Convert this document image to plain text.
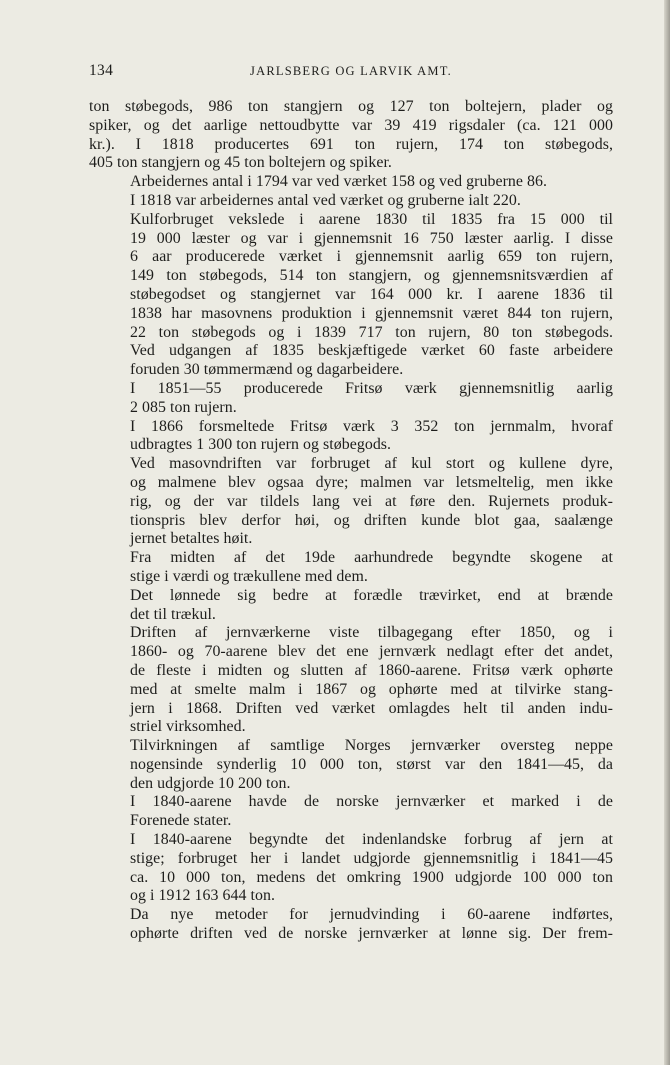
134	JARLSBERG OG LARVIK AMT.

ton støbegods, 986 ton stangjern og 127 ton boltejern, plader og
spiker, og det aarlige nettoudbytte var 39 419 rigsdaler (ca. 121 000
kr.). I 1818 producertes 691 ton rujern, 174 ton støbegods,
405 ton stangjern og 45 ton boltejern og spiker.

Arbeidernes antal i 1794 var ved værket 158 og ved gruberne 86.

I 1818 var arbeidernes antal ved værket og gruberne ialt 220.

Kulforbruget vekslede i aarene 1830 til 1835 fra 15 000 til
19 000 læster og var i gjennemsnit 16 750 læster aarlig. I disse
6 aar producerede værket i gjennemsnit aarlig 659 ton rujern,
149 ton støbegods, 514 ton stangjern, og gjennemsnitsværdien af
støbegodset og stangjernet var 164 000 kr. I aarene 1836 til
1838 har masovnens produktion i gjennemsnit været 844 ton rujern,
22 ton støbegods og i 1839 717 ton rujern, 80 ton støbegods.
Ved udgangen af 1835 beskjæftigede værket 60 faste arbeidere
foruden 30 tømmermænd og dagarbeidere.

I 1851—55 producerede Fritsø værk gjennemsnitlig aarlig
2 085 ton rujern.

I 1866 forsmeltede Fritsø værk 3 352 ton jernmalm, hvoraf
udbragtes 1 300 ton rujern og støbegods.

Ved masovndriften var forbruget af kul stort og kullene dyre,
og malmene blev ogsaa dyre; malmen var letsmeltelig, men ikke
rig, og der var tildels lang vei at føre den. Rujernets produk-
tionspris blev derfor høi, og driften kunde blot gaa, saalænge
jernet betaltes høit.

Fra midten af det 19de aarhundrede begyndte skogene at
stige i værdi og trækullene med dem.

Det lønnede sig bedre at forædle trævirket, end at brænde
det til trækul.

Driften af jernværkerne viste tilbagegang efter 1850, og i
1860- og 70-aarene blev det ene jernværk nedlagt efter det andet,
de fleste i midten og slutten af 1860-aarene. Fritsø værk ophørte
med at smelte malm i 1867 og ophørte med at tilvirke stang-
jern i 1868. Driften ved værket omlagdes helt til anden indu-
striel virksomhed.

Tilvirkningen af samtlige Norges jernværker oversteg neppe
nogensinde synderlig 10 000 ton, størst var den 1841—45, da
den udgjorde 10 200 ton.

I 1840-aarene havde de norske jernværker et marked i de
Forenede stater.

I 1840-aarene begyndte det indenlandske forbrug af jern at
stige; forbruget her i landet udgjorde gjennemsnitlig i 1841—45
ca. 10 000 ton, medens det omkring 1900 udgjorde 100 000 ton
og i 1912 163 644 ton.

Da nye metoder for jernudvinding i 60-aarene indførtes,
ophørte driften ved de norske jernværker at lønne sig. Der frem-
